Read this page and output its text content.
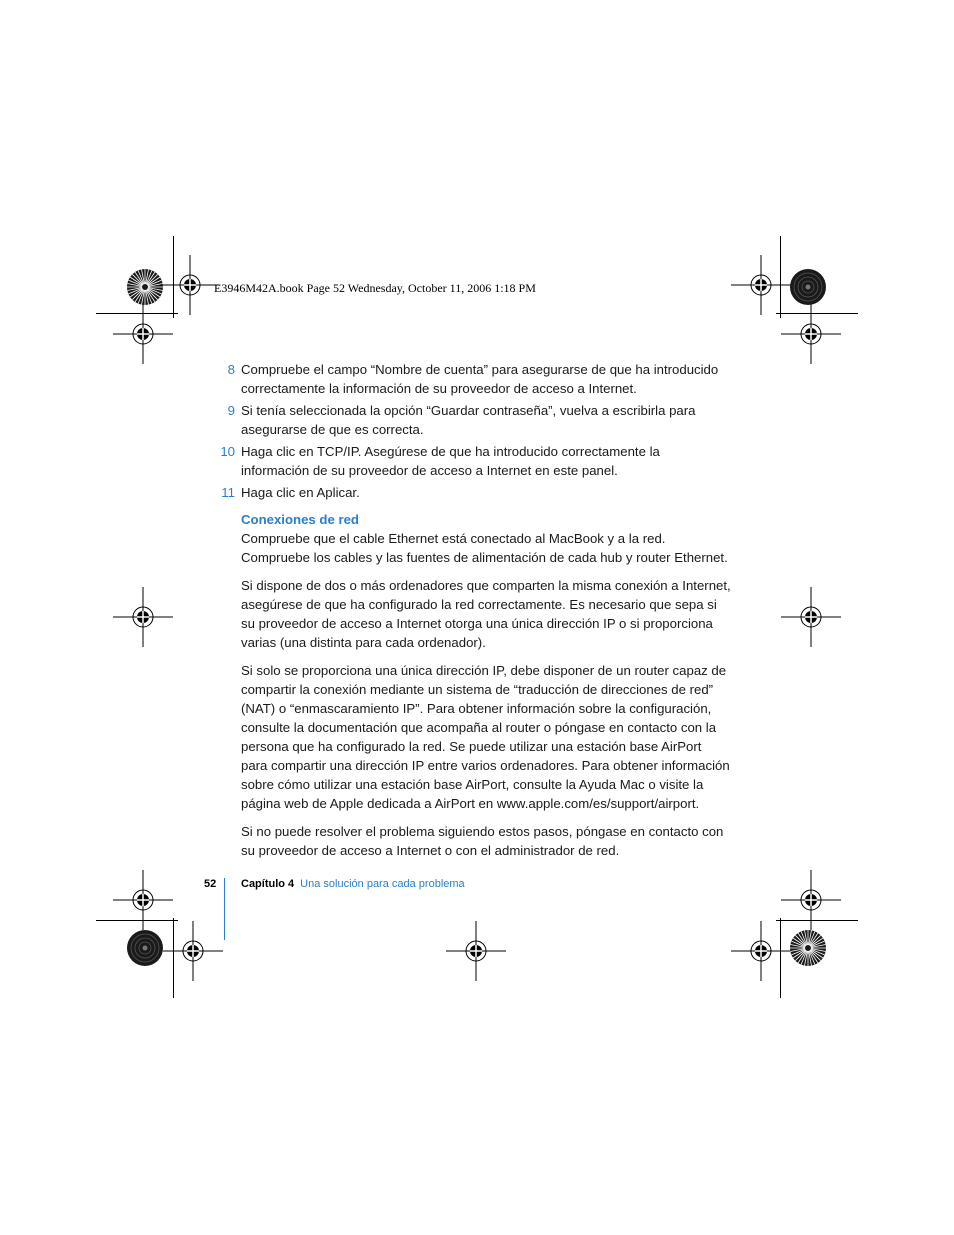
E3946M42A.book Page 52 Wednesday, October 11, 2006 1:18 PM
8 Compruebe el campo “Nombre de cuenta” para asegurarse de que ha introducido correctamente la información de su proveedor de acceso a Internet.
9 Si tenía seleccionada la opción “Guardar contraseña”, vuelva a escribirla para asegurarse de que es correcta.
10 Haga clic en TCP/IP. Asegúrese de que ha introducido correctamente la información de su proveedor de acceso a Internet en este panel.
11 Haga clic en Aplicar.

Conexiones de red

Compruebe que el cable Ethernet está conectado al MacBook y a la red. Compruebe los cables y las fuentes de alimentación de cada hub y router Ethernet.

Si dispone de dos o más ordenadores que comparten la misma conexión a Internet, asegúrese de que ha configurado la red correctamente. Es necesario que sepa si su proveedor de acceso a Internet otorga una única dirección IP o si proporciona varias (una distinta para cada ordenador).

Si solo se proporciona una única dirección IP, debe disponer de un router capaz de compartir la conexión mediante un sistema de “traducción de direcciones de red” (NAT) o “enmascaramiento IP”. Para obtener información sobre la configuración, consulte la documentación que acompaña al router o póngase en contacto con la persona que ha configurado la red. Se puede utilizar una estación base AirPort para compartir una dirección IP entre varios ordenadores. Para obtener información sobre cómo utilizar una estación base AirPort, consulte la Ayuda Mac o visite la página web de Apple dedicada a AirPort en www.apple.com/es/support/airport.

Si no puede resolver el problema siguiendo estos pasos, póngase en contacto con su proveedor de acceso a Internet o con el administrador de red.

52 Capítulo 4 Una solución para cada problema
